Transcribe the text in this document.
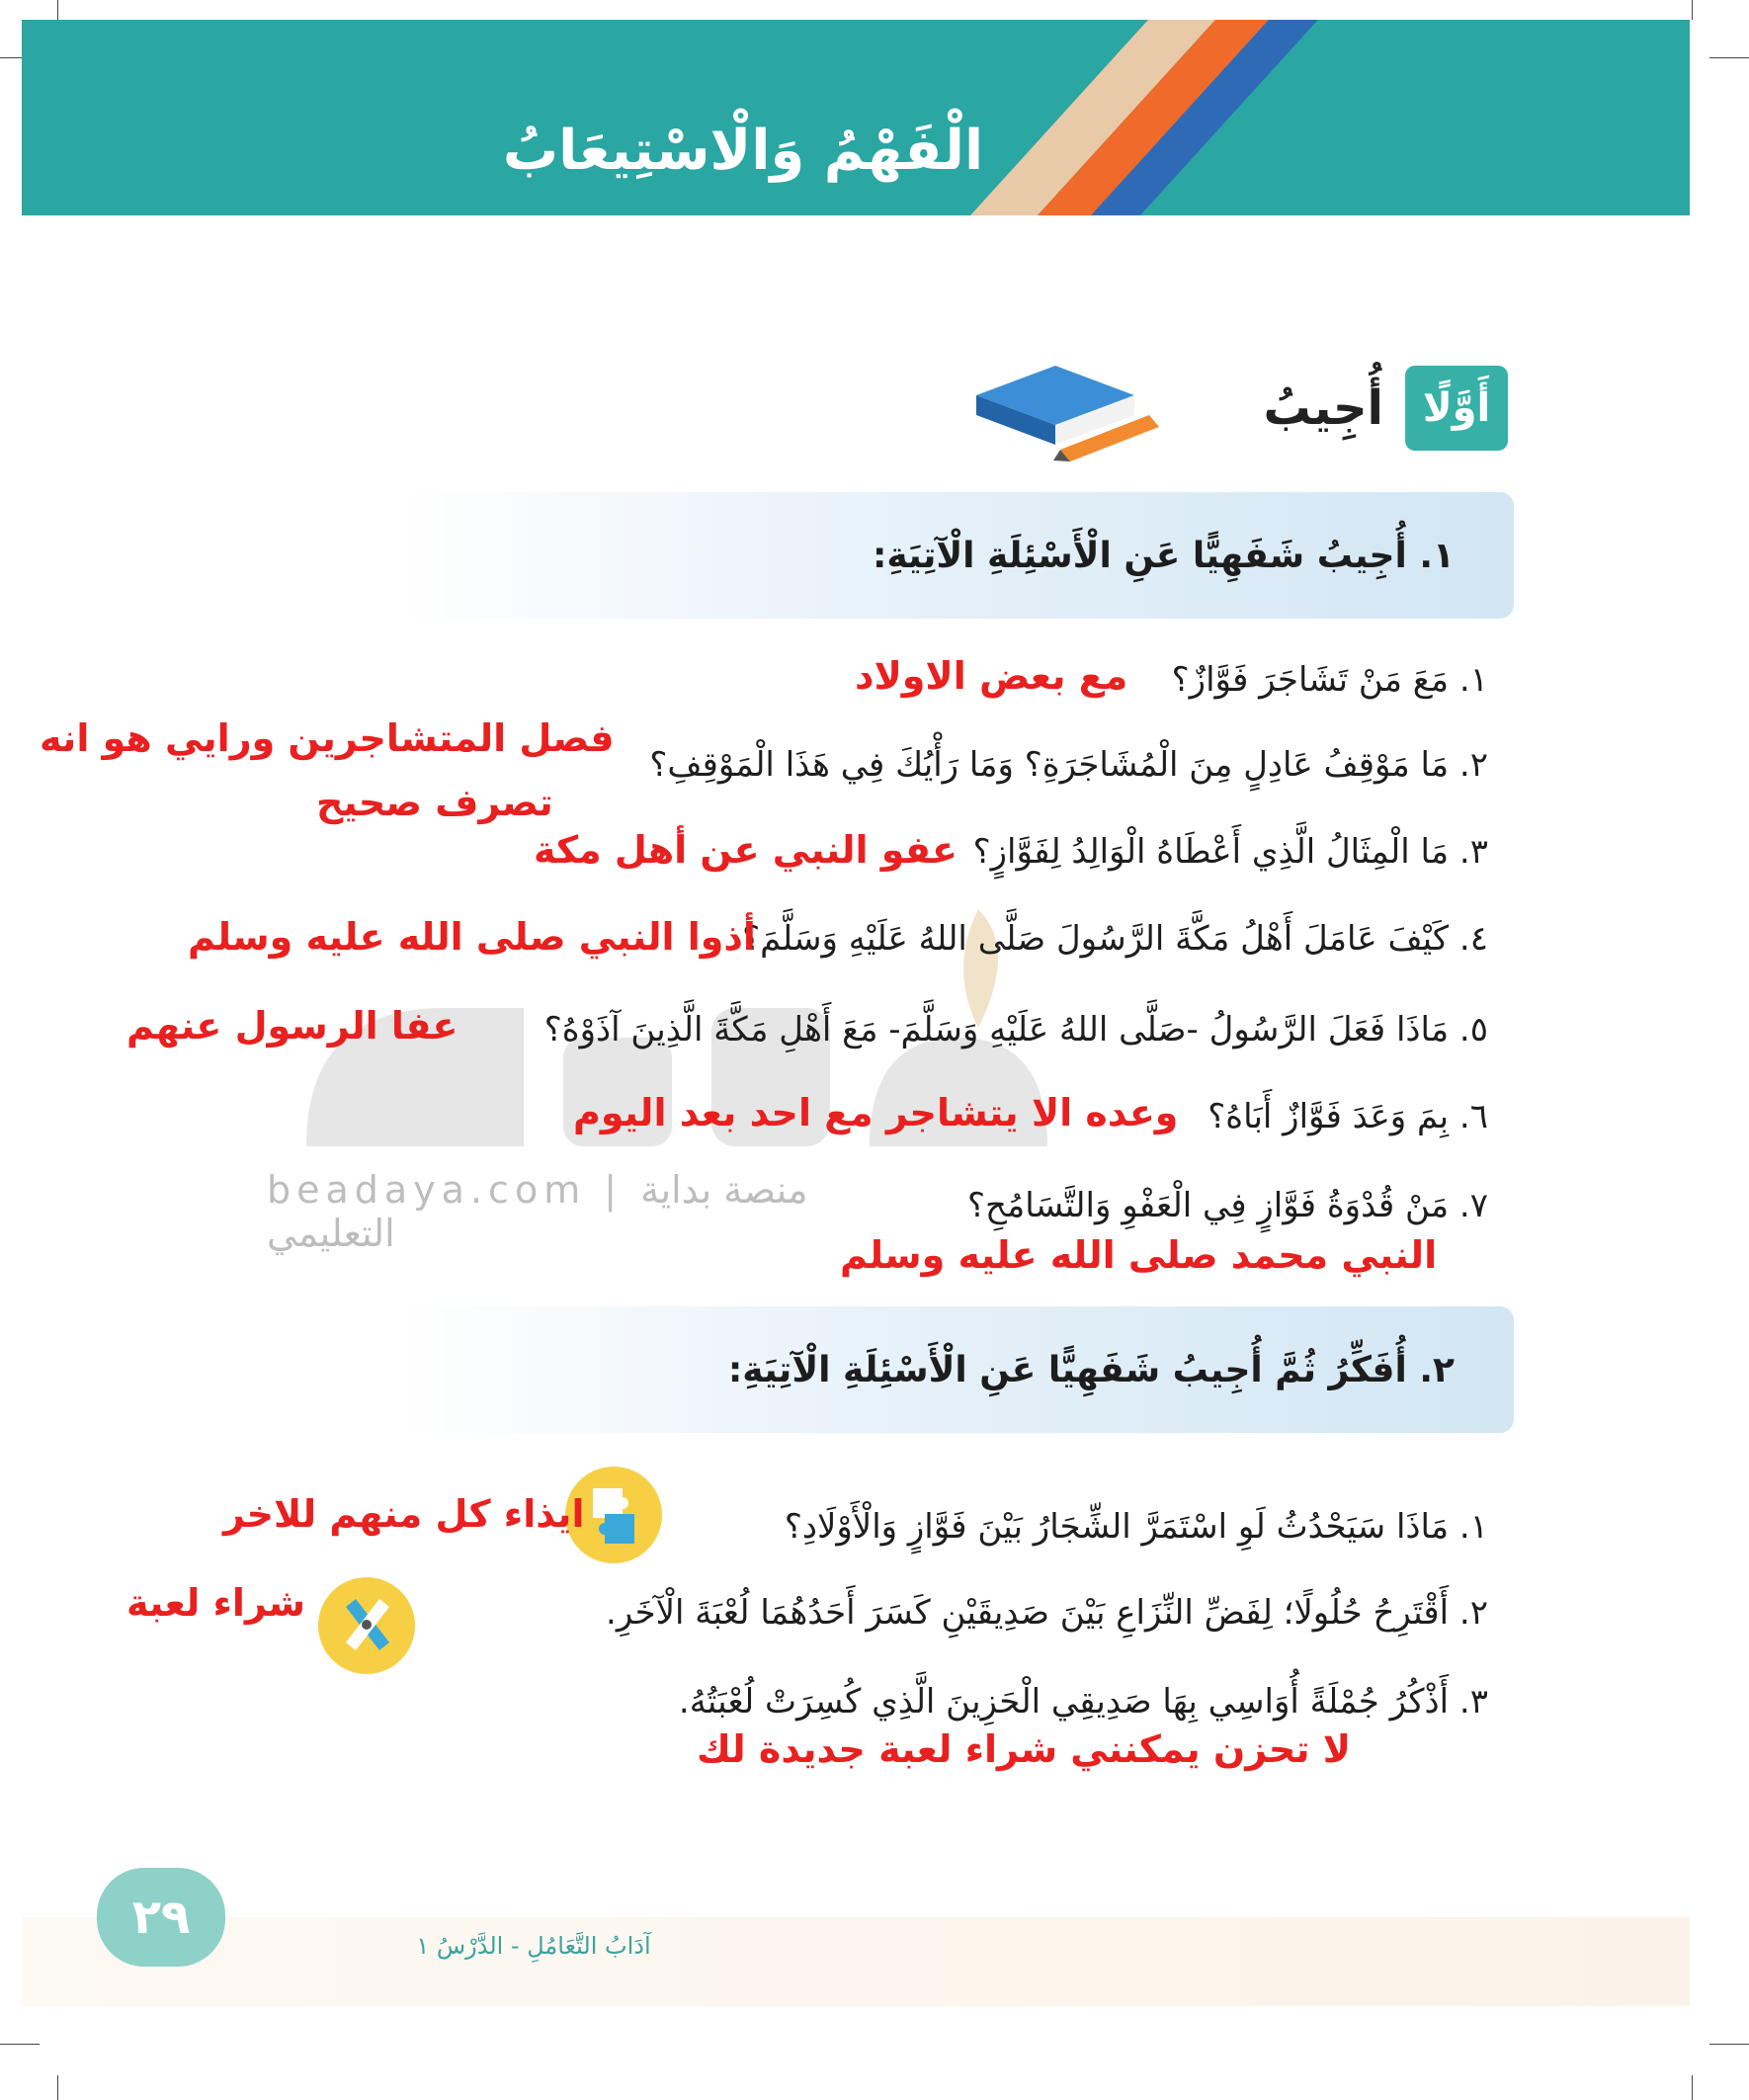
الْفَهْمُ وَالْاسْتِيعَابُ
beadaya.com | منصة بداية التعليمي
أَوَّلًا
أُجِيبُ
١. أُجِيبُ شَفَهِيًّا عَنِ الْأَسْئِلَةِ الْآتِيَةِ:
١. مَعَ مَنْ تَشَاجَرَ فَوَّازٌ؟
مع بعض الاولاد
٢. مَا مَوْقِفُ عَادِلٍ مِنَ الْمُشَاجَرَةِ؟ وَمَا رَأْيُكَ فِي هَذَا الْمَوْقِفِ؟
فصل المتشاجرين ورايي هو انه
تصرف صحيح
٣. مَا الْمِثَالُ الَّذِي أَعْطَاهُ الْوَالِدُ لِفَوَّازٍ؟
عفو النبي عن أهل مكة
٤. كَيْفَ عَامَلَ أَهْلُ مَكَّةَ الرَّسُولَ صَلَّى اللهُ عَلَيْهِ وَسَلَّمَ؟
أذوا النبي صلى الله عليه وسلم
٥. مَاذَا فَعَلَ الرَّسُولُ -صَلَّى اللهُ عَلَيْهِ وَسَلَّمَ- مَعَ أَهْلِ مَكَّةَ الَّذِينَ آذَوْهُ؟
عفا الرسول عنهم
٦. بِمَ وَعَدَ فَوَّازٌ أَبَاهُ؟
وعده الا يتشاجر مع احد بعد اليوم
٧. مَنْ قُدْوَةُ فَوَّازٍ فِي الْعَفْوِ وَالتَّسَامُحِ؟
النبي محمد صلى الله عليه وسلم
٢. أُفَكِّرُ ثُمَّ أُجِيبُ شَفَهِيًّا عَنِ الْأَسْئِلَةِ الْآتِيَةِ:
١. مَاذَا سَيَحْدُثُ لَوِ اسْتَمَرَّ الشِّجَارُ بَيْنَ فَوَّازٍ وَالْأَوْلَادِ؟
ايذاء كل منهم للاخر
٢. أَقْتَرِحُ حُلُولًا؛ لِفَضِّ النِّزَاعِ بَيْنَ صَدِيقَيْنِ كَسَرَ أَحَدُهُمَا لُعْبَةَ الْآخَرِ.
شراء لعبة
٣. أَذْكُرُ جُمْلَةً أُوَاسِي بِهَا صَدِيقِي الْحَزِينَ الَّذِي كُسِرَتْ لُعْبَتُهُ.
لا تحزن يمكنني شراء لعبة جديدة لك
٢٩
آدَابُ التَّعَامُلِ - الدَّرْسُ ١
